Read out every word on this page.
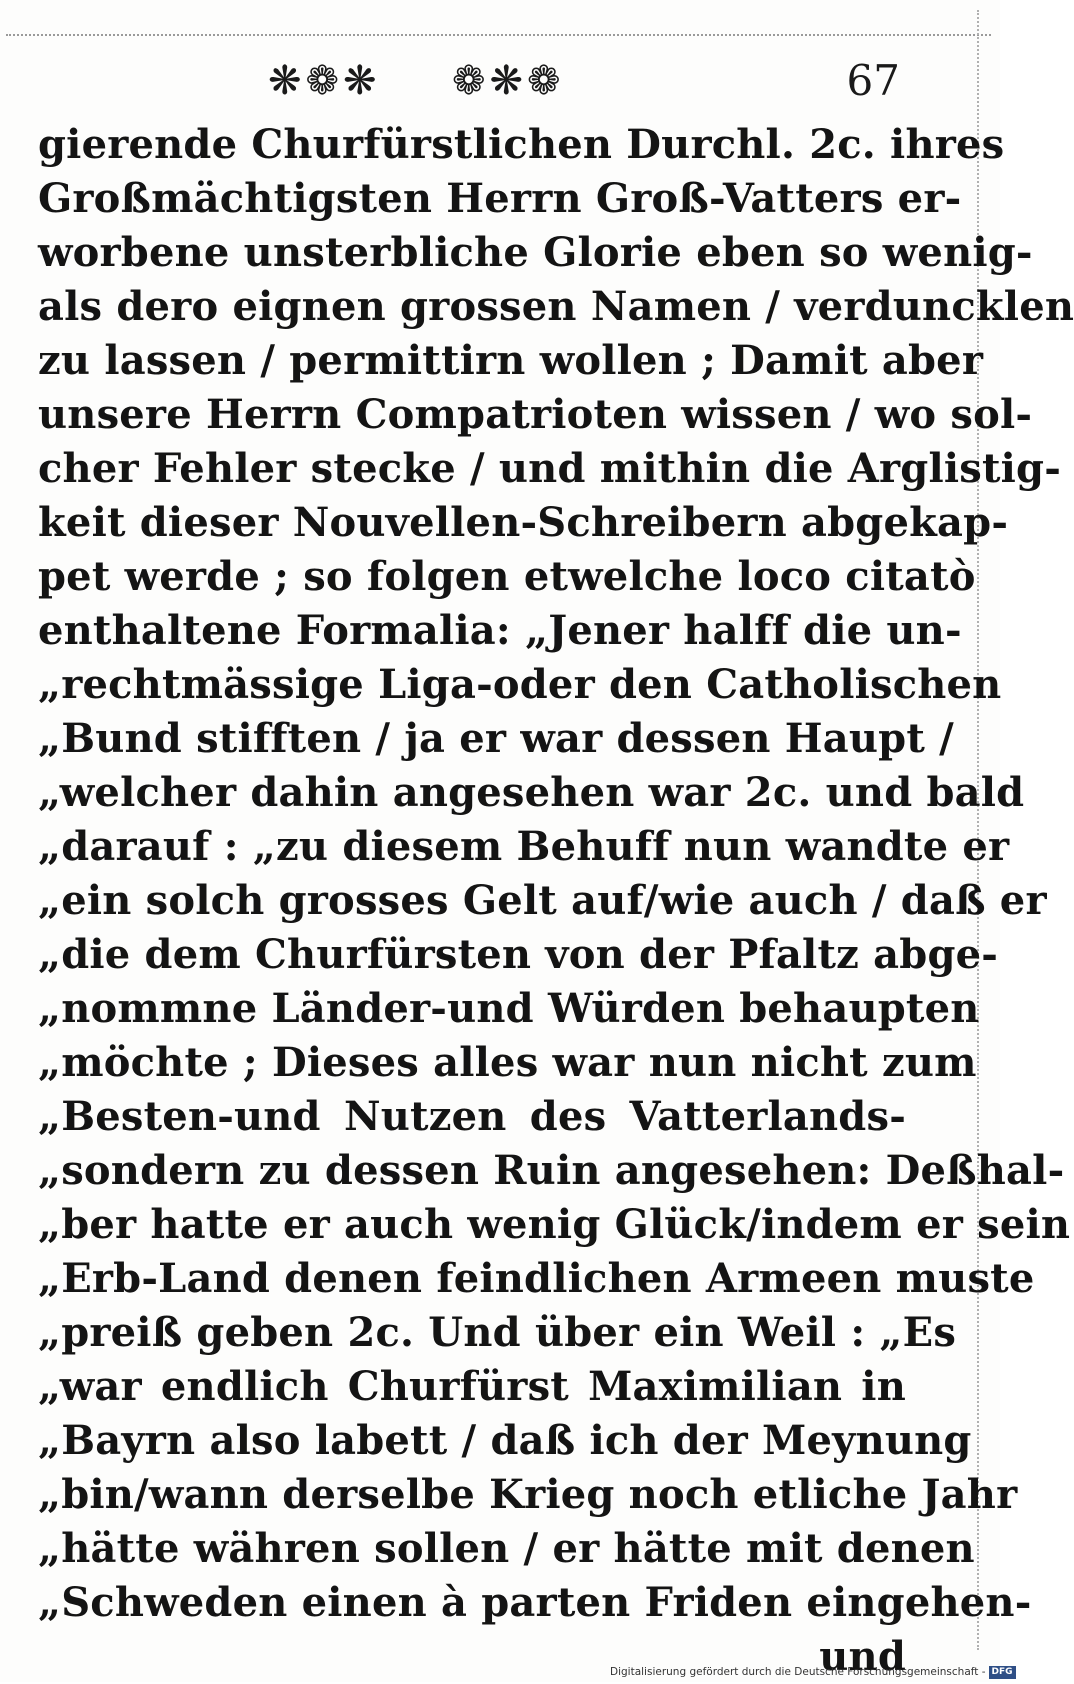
❋❁❋ ❁❋❁	67
gierende Churfürstlichen Durchl. 2c. ihres
Großmächtigsten Herrn Groß-Vatters er-
worbene unsterbliche Glorie eben so wenig-
als dero eignen grossen Namen / verduncklen
zu lassen / permittirn wollen ; Damit aber
unsere Herrn Compatrioten wissen / wo sol-
cher Fehler stecke / und mithin die Arglistig-
keit dieser Nouvellen-Schreibern abgekap-
pet werde ; so folgen etwelche loco citatò
enthaltene Formalia: „Jener halff die un-
„rechtmässige Liga-oder den Catholischen
„Bund stifften / ja er war dessen Haupt /
„welcher dahin angesehen war 2c. und bald
„darauf : „zu diesem Behuff nun wandte er
„ein solch grosses Gelt auf/wie auch / daß er
„die dem Churfürsten von der Pfaltz abge-
„nommne Länder-und Würden behaupten
„möchte ; Dieses alles war nun nicht zum
„Besten-und Nutzen des Vatterlands-
„sondern zu dessen Ruin angesehen: Deßhal-
„ber hatte er auch wenig Glück/indem er sein
„Erb-Land denen feindlichen Armeen muste
„preiß geben 2c. Und über ein Weil : „Es
„war endlich Churfürst Maximilian in
„Bayrn also labett / daß ich der Meynung
„bin/wann derselbe Krieg noch etliche Jahr
„hätte währen sollen / er hätte mit denen
„Schweden einen à parten Friden eingehen-
und
Digitalisierung gefördert durch die Deutsche Forschungsgemeinschaft - DFG
